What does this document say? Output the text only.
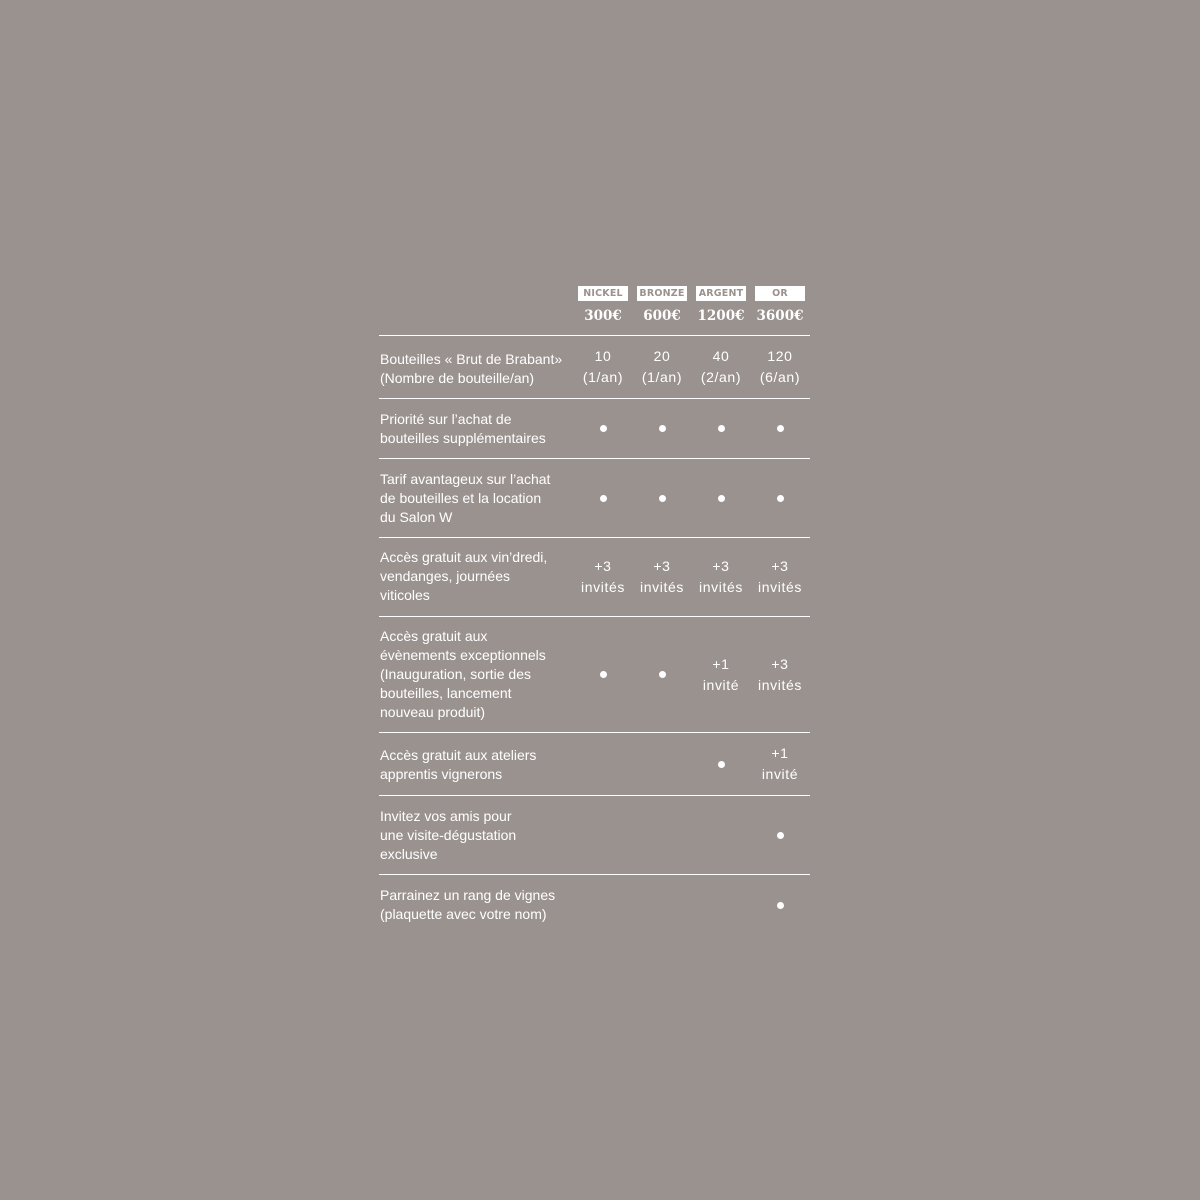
NICKEL
300€
BRONZE
600€
ARGENT
1200€
OR
3600€
Bouteilles « Brut de Brabant»
(Nombre de bouteille/an)
10
(1/an)
20
(1/an)
40
(2/an)
120
(6/an)
Priorité sur l’achat de
bouteilles supplémentaires
Tarif avantageux sur l’achat
de bouteilles et la location
du Salon W
Accès gratuit aux vin’dredi,
vendanges, journées
viticoles
+3
invités
+3
invités
+3
invités
+3
invités
Accès gratuit aux
évènements exceptionnels
(Inauguration, sortie des
bouteilles, lancement
nouveau produit)
+1
invité
+3
invités
Accès gratuit aux ateliers
apprentis vignerons
+1
invité
Invitez vos amis pour
une visite-dégustation
exclusive
Parrainez un rang de vignes
(plaquette avec votre nom)
